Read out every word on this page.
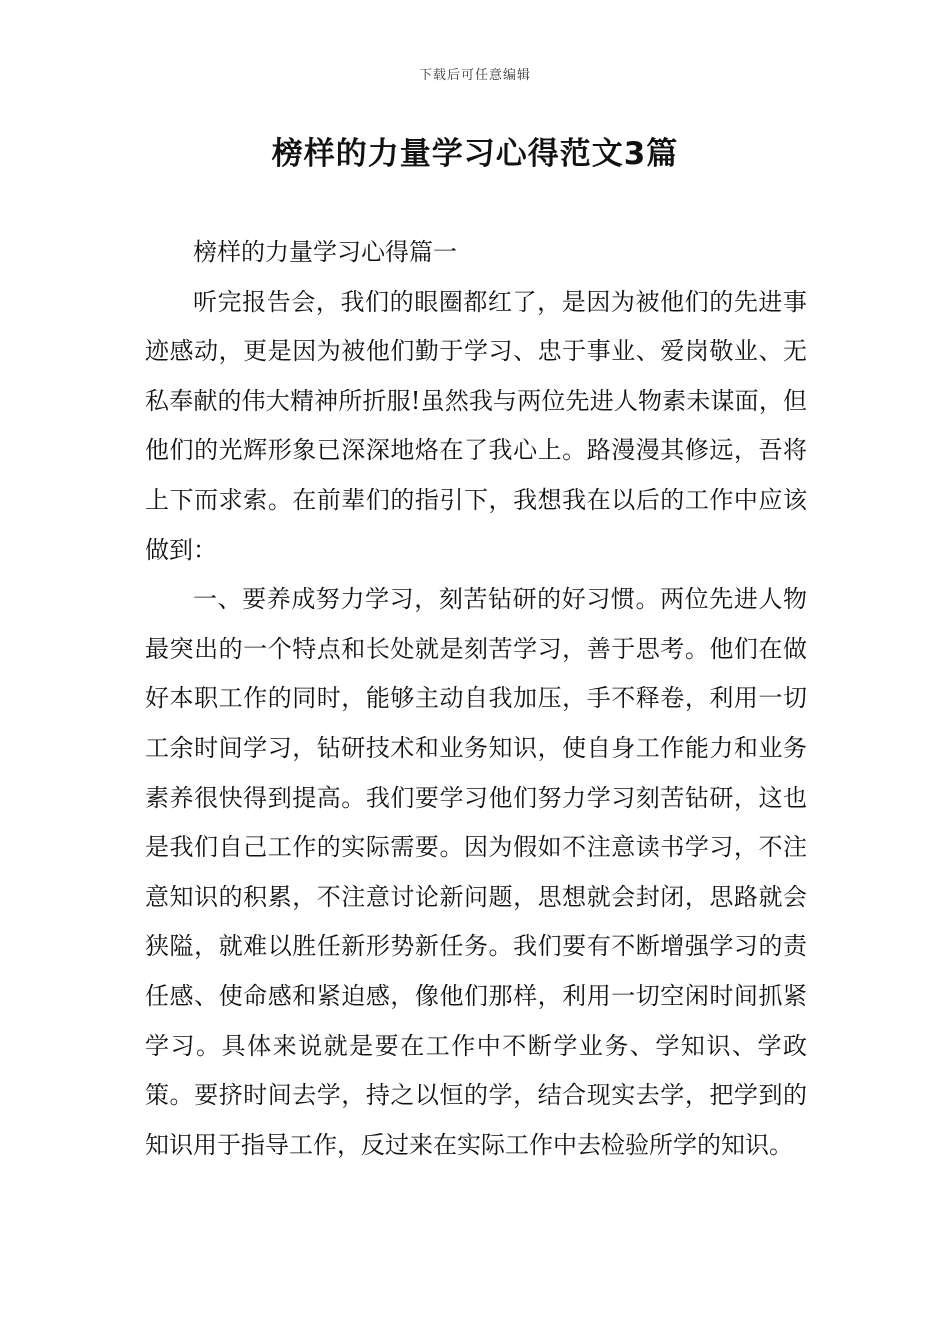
下载后可任意编辑
榜样的力量学习心得范文3篇

榜样的力量学习心得篇一

听完报告会，我们的眼圈都红了，是因为被他们的先进事迹感动，更是因为被他们勤于学习、忠于事业、爱岗敬业、无私奉献的伟大精神所折服!虽然我与两位先进人物素未谋面，但他们的光辉形象已深深地烙在了我心上。路漫漫其修远，吾将上下而求索。在前辈们的指引下，我想我在以后的工作中应该做到：

一、要养成努力学习，刻苦钻研的好习惯。两位先进人物最突出的一个特点和长处就是刻苦学习，善于思考。他们在做好本职工作的同时，能够主动自我加压，手不释卷，利用一切工余时间学习，钻研技术和业务知识，使自身工作能力和业务素养很快得到提高。我们要学习他们努力学习刻苦钻研，这也是我们自己工作的实际需要。因为假如不注意读书学习，不注意知识的积累，不注意讨论新问题，思想就会封闭，思路就会狭隘，就难以胜任新形势新任务。我们要有不断增强学习的责任感、使命感和紧迫感，像他们那样，利用一切空闲时间抓紧学习。具体来说就是要在工作中不断学业务、学知识、学政策。要挤时间去学，持之以恒的学，结合现实去学，把学到的知识用于指导工作，反过来在实际工作中去检验所学的知识。
